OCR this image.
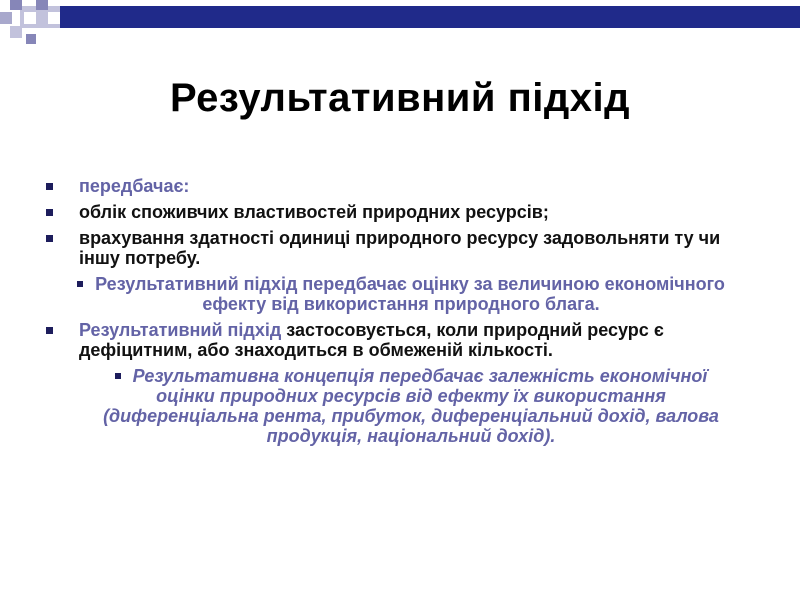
Результативний підхід
передбачає:
облік споживчих властивостей природних ресурсів;
врахування здатності одиниці природного ресурсу задовольняти ту чи іншу потребу.
Результативний підхід передбачає оцінку за величиною економічного ефекту від використання природного блага.
Результативний підхід застосовується, коли природний ресурс є дефіцитним, або знаходиться в обмеженій кількості.
Результативна концепція передбачає залежність економічної оцінки природних ресурсів від ефекту їх використання (диференціальна рента, прибуток, диференціальний дохід, валова продукція, національний дохід).
